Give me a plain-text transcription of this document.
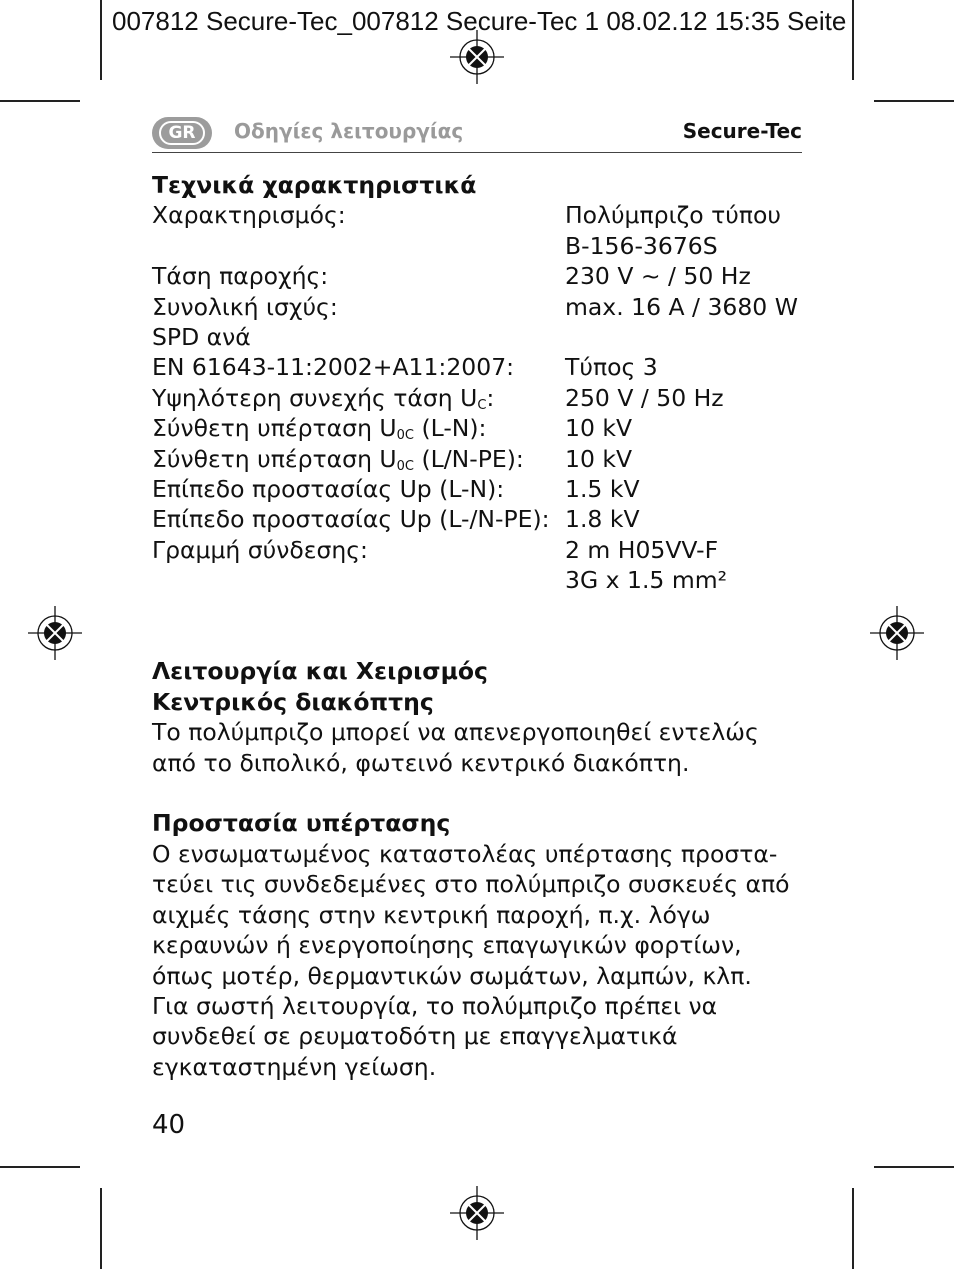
007812 Secure-Tec_007812 Secure-Tec 1 08.02.12 15:35 Seite
GR	Οδηγίες λειτουργίας	Secure-Tec
Τεχνικά χαρακτηριστικά
Χαρακτηρισμός:	Πολύμπριζο τύπου
B-156-3676S
Τάση παροχής:	230 V ~ / 50 Hz
Συνολική ισχύς:	max. 16 A / 3680 W
SPD ανά
EN 61643-11:2002+A11:2007:	Τύπος 3
Υψηλότερη συνεχής τάση $U_C$:	250 V / 50 Hz
Σύνθετη υπέρταση $U_{0C}$ (L-N):	10 kV
Σύνθετη υπέρταση $U_{0C}$ (L/N-PE):	10 kV
Επίπεδο προστασίας Up (L-N):	1.5 kV
Επίπεδο προστασίας Up (L-/N-PE): 1.8 kV
Γραμμή σύνδεσης:	2 m H05VV-F
3G x 1.5 mm²
Λειτουργία και Χειρισμός
Κεντρικός διακόπτης

Το πολύμπριζο μπορεί να απενεργοποιηθεί εντελώς

από το διπολικό, φωτεινό κεντρικό διακόπτη.

Προστασία υπέρτασης

Ο ενσωματωμένος καταστολέας υπέρτασης προστα-

τεύει τις συνδεδεμένες στο πολύμπριζο συσκευές από

αιχμές τάσης στην κεντρική παροχή, π.χ. λόγω

κεραυνών ή ενεργοποίησης επαγωγικών φορτίων,

όπως μοτέρ, θερμαντικών σωμάτων, λαμπών, κλπ.

Για σωστή λειτουργία, το πολύμπριζο πρέπει να

συνδεθεί σε ρευματοδότη με επαγγελματικά

εγκαταστημένη γείωση.

40
